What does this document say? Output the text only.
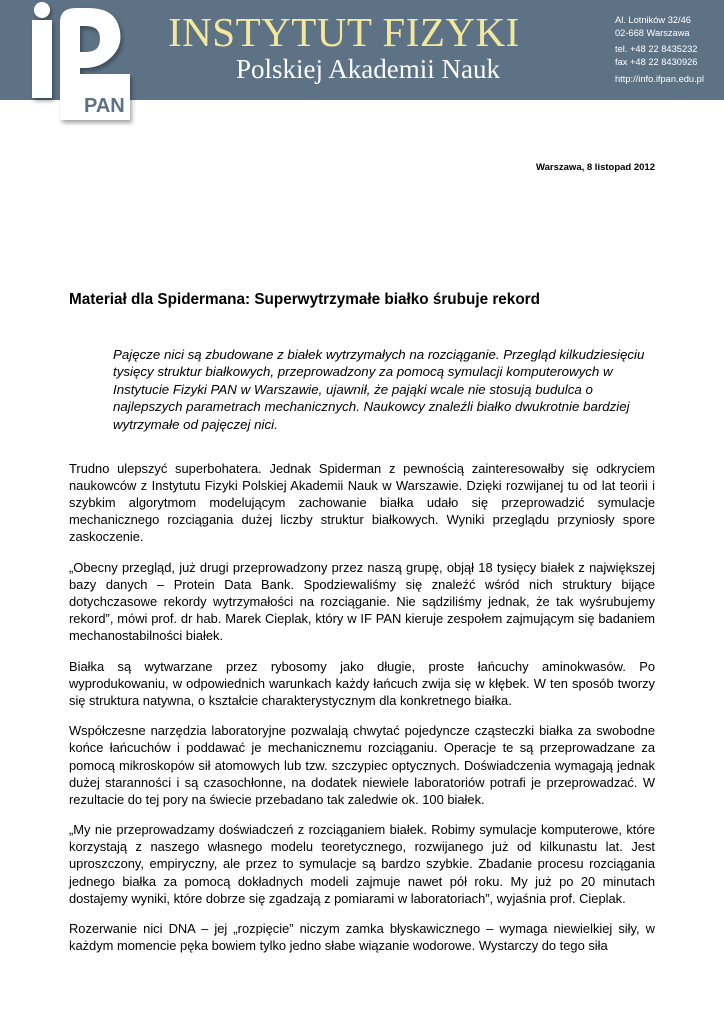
PAN
INSTYTUT FIZYKI
Polskiej Akademii Nauk
Al. Lotników 32/46
02-668 Warszawa
tel. +48 22 8435232
fax +48 22 8430926
http://info.ifpan.edu.pl
Warszawa, 8 listopad 2012
Materiał dla Spidermana: Superwytrzymałe białko śrubuje rekord
Pajęcze nici są zbudowane z białek wytrzymałych na rozciąganie. Przegląd kilkudziesięciu tysięcy struktur białkowych, przeprowadzony za pomocą symulacji komputerowych w Instytucie Fizyki PAN w Warszawie, ujawnił, że pająki wcale nie stosują budulca o najlepszych parametrach mechanicznych. Naukowcy znaleźli białko dwukrotnie bardziej wytrzymałe od pajęczej nici.

Trudno ulepszyć superbohatera. Jednak Spiderman z pewnością zainteresowałby się odkryciem naukowców z Instytutu Fizyki Polskiej Akademii Nauk w Warszawie. Dzięki rozwijanej tu od lat teorii i szybkim algorytmom modelującym zachowanie białka udało się przeprowadzić symulacje mechanicznego rozciągania dużej liczby struktur białkowych. Wyniki przeglądu przyniosły spore zaskoczenie.

„Obecny przegląd, już drugi przeprowadzony przez naszą grupę, objął 18 tysięcy białek z największej bazy danych – Protein Data Bank. Spodziewaliśmy się znaleźć wśród nich struktury bijące dotychczasowe rekordy wytrzymałości na rozciąganie. Nie sądziliśmy jednak, że tak wyśrubujemy rekord”, mówi prof. dr hab. Marek Cieplak, który w IF PAN kieruje zespołem zajmującym się badaniem mechanostabilności białek.

Białka są wytwarzane przez rybosomy jako długie, proste łańcuchy aminokwasów. Po wyprodukowaniu, w odpowiednich warunkach każdy łańcuch zwija się w kłębek. W ten sposób tworzy się struktura natywna, o kształcie charakterystycznym dla konkretnego białka.

Współczesne narzędzia laboratoryjne pozwalają chwytać pojedyncze cząsteczki białka za swobodne końce łańcuchów i poddawać je mechanicznemu rozciąganiu. Operacje te są przeprowadzane za pomocą mikroskopów sił atomowych lub tzw. szczypiec optycznych. Doświadczenia wymagają jednak dużej staranności i są czasochłonne, na dodatek niewiele laboratoriów potrafi je przeprowadzać. W rezultacie do tej pory na świecie przebadano tak zaledwie ok. 100 białek.

„My nie przeprowadzamy doświadczeń z rozciąganiem białek. Robimy symulacje komputerowe, które korzystają z naszego własnego modelu teoretycznego, rozwijanego już od kilkunastu lat. Jest uproszczony, empiryczny, ale przez to symulacje są bardzo szybkie. Zbadanie procesu rozciągania jednego białka za pomocą dokładnych modeli zajmuje nawet pół roku. My już po 20 minutach dostajemy wyniki, które dobrze się zgadzają z pomiarami w laboratoriach”, wyjaśnia prof. Cieplak.

Rozerwanie nici DNA – jej „rozpięcie” niczym zamka błyskawicznego – wymaga niewielkiej siły, w każdym momencie pęka bowiem tylko jedno słabe wiązanie wodorowe. Wystarczy do tego siła
